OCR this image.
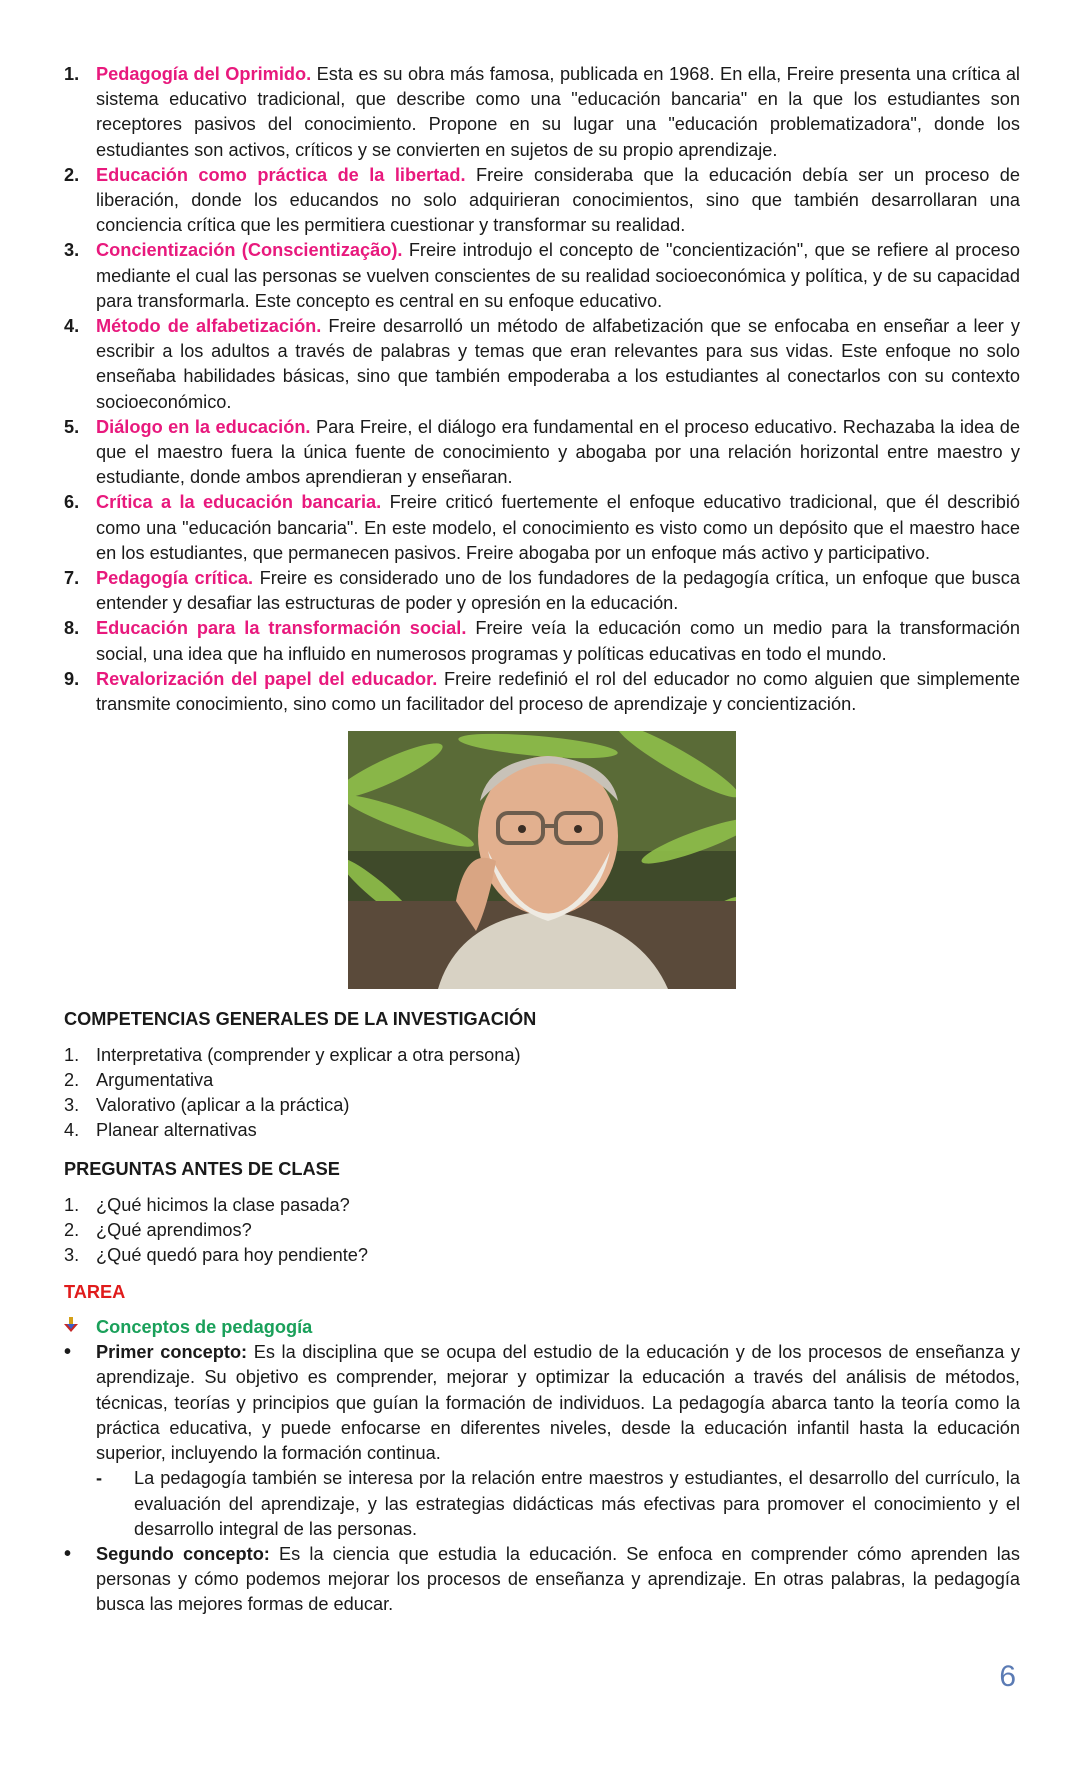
1. Pedagogía del Oprimido. Esta es su obra más famosa, publicada en 1968. En ella, Freire presenta una crítica al sistema educativo tradicional, que describe como una "educación bancaria" en la que los estudiantes son receptores pasivos del conocimiento. Propone en su lugar una "educación problematizadora", donde los estudiantes son activos, críticos y se convierten en sujetos de su propio aprendizaje.
2. Educación como práctica de la libertad. Freire consideraba que la educación debía ser un proceso de liberación, donde los educandos no solo adquirieran conocimientos, sino que también desarrollaran una conciencia crítica que les permitiera cuestionar y transformar su realidad.
3. Concientización (Conscientização). Freire introdujo el concepto de "concientización", que se refiere al proceso mediante el cual las personas se vuelven conscientes de su realidad socioeconómica y política, y de su capacidad para transformarla. Este concepto es central en su enfoque educativo.
4. Método de alfabetización. Freire desarrolló un método de alfabetización que se enfocaba en enseñar a leer y escribir a los adultos a través de palabras y temas que eran relevantes para sus vidas. Este enfoque no solo enseñaba habilidades básicas, sino que también empoderaba a los estudiantes al conectarlos con su contexto socioeconómico.
5. Diálogo en la educación. Para Freire, el diálogo era fundamental en el proceso educativo. Rechazaba la idea de que el maestro fuera la única fuente de conocimiento y abogaba por una relación horizontal entre maestro y estudiante, donde ambos aprendieran y enseñaran.
6. Crítica a la educación bancaria. Freire criticó fuertemente el enfoque educativo tradicional, que él describió como una "educación bancaria". En este modelo, el conocimiento es visto como un depósito que el maestro hace en los estudiantes, que permanecen pasivos. Freire abogaba por un enfoque más activo y participativo.
7. Pedagogía crítica. Freire es considerado uno de los fundadores de la pedagogía crítica, un enfoque que busca entender y desafiar las estructuras de poder y opresión en la educación.
8. Educación para la transformación social. Freire veía la educación como un medio para la transformación social, una idea que ha influido en numerosos programas y políticas educativas en todo el mundo.
9. Revalorización del papel del educador. Freire redefinió el rol del educador no como alguien que simplemente transmite conocimiento, sino como un facilitador del proceso de aprendizaje y concientización.
COMPETENCIAS GENERALES DE LA INVESTIGACIÓN
1. Interpretativa (comprender y explicar a otra persona)
2. Argumentativa
3. Valorativo (aplicar a la práctica)
4. Planear alternativas
PREGUNTAS ANTES DE CLASE
1. ¿Qué hicimos la clase pasada?
2. ¿Qué aprendimos?
3. ¿Qué quedó para hoy pendiente?
TAREA
Conceptos de pedagogía
•	Primer concepto: Es la disciplina que se ocupa del estudio de la educación y de los procesos de enseñanza y aprendizaje. Su objetivo es comprender, mejorar y optimizar la educación a través del análisis de métodos, técnicas, teorías y principios que guían la formación de individuos. La pedagogía abarca tanto la teoría como la práctica educativa, y puede enfocarse en diferentes niveles, desde la educación infantil hasta la educación superior, incluyendo la formación continua.
-	La pedagogía también se interesa por la relación entre maestros y estudiantes, el desarrollo del currículo, la evaluación del aprendizaje, y las estrategias didácticas más efectivas para promover el conocimiento y el desarrollo integral de las personas.
•	Segundo concepto: Es la ciencia que estudia la educación. Se enfoca en comprender cómo aprenden las personas y cómo podemos mejorar los procesos de enseñanza y aprendizaje. En otras palabras, la pedagogía busca las mejores formas de educar.
6
